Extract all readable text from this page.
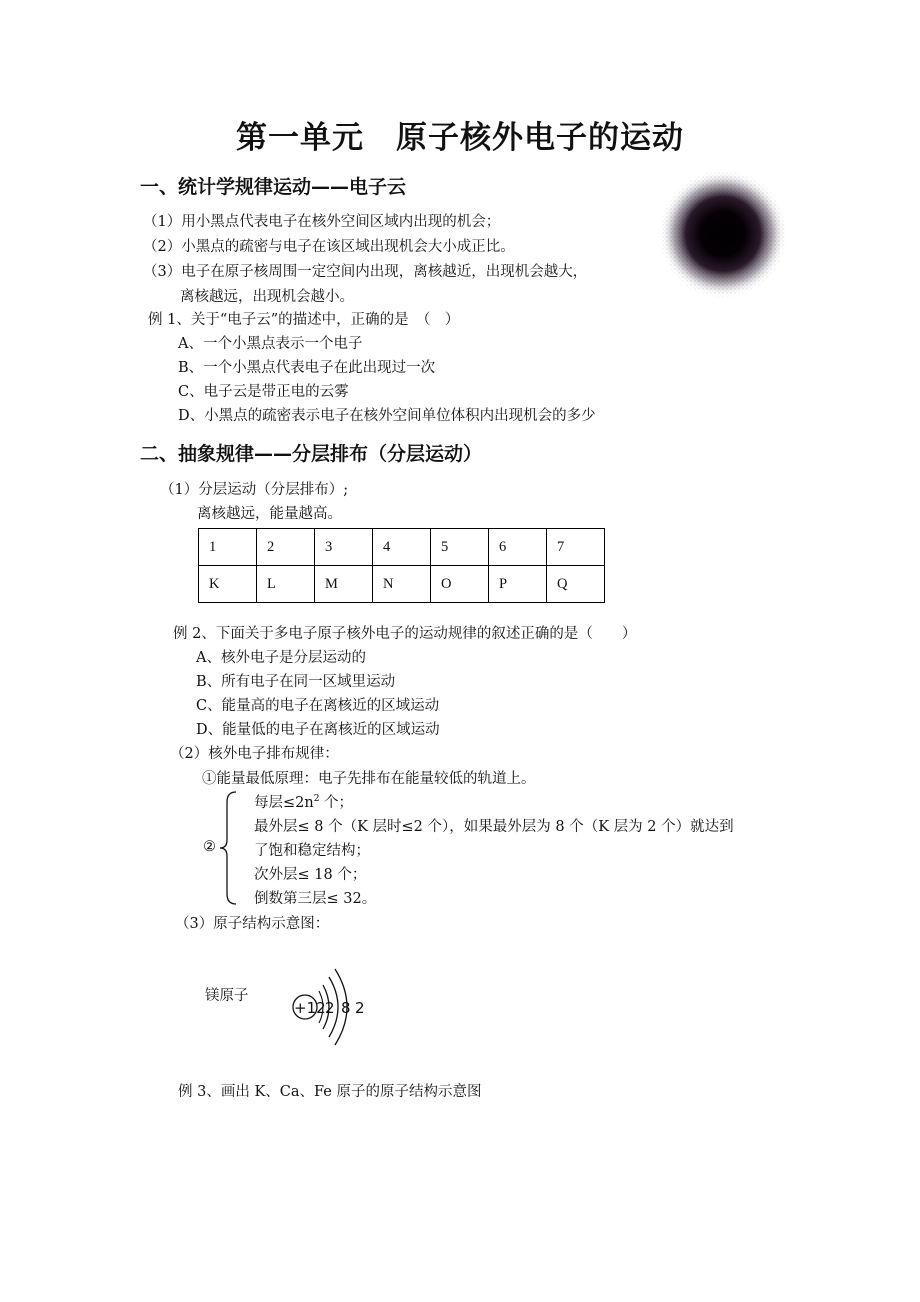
第一单元　原子核外电子的运动
一、统计学规律运动——电子云
（1）用小黑点代表电子在核外空间区域内出现的机会；
（2）小黑点的疏密与电子在该区域出现机会大小成正比。
（3）电子在原子核周围一定空间内出现，离核越近，出现机会越大，
离核越远，出现机会越小。
例 1、关于“电子云”的描述中，正确的是　（　）
A、一个小黑点表示一个电子
B、一个小黑点代表电子在此出现过一次
C、电子云是带正电的云雾
D、小黑点的疏密表示电子在核外空间单位体积内出现机会的多少
二、抽象规律——分层排布（分层运动）
（1）分层运动（分层排布）;
离核越远，能量越高。
1	2	3	4	5	6	7
K	L	M	N	O	P	Q
例 2、下面关于多电子原子核外电子的运动规律的叙述正确的是（　　）
A、核外电子是分层运动的
B、所有电子在同一区域里运动
C、能量高的电子在离核近的区域运动
D、能量低的电子在离核近的区域运动
（2）核外电子排布规律：
①能量最低原理：电子先排布在能量较低的轨道上。
②
每层$\le 2n^2$ 个；
最外层≤ 8 个（K 层时≤2 个），如果最外层为 8 个（K 层为 2 个）就达到
了饱和稳定结构；
次外层≤ 18 个；
倒数第三层≤ 32。
（3）原子结构示意图：
镁原子
+12 2 8 2
例 3、画出 K、Ca、Fe 原子的原子结构示意图
